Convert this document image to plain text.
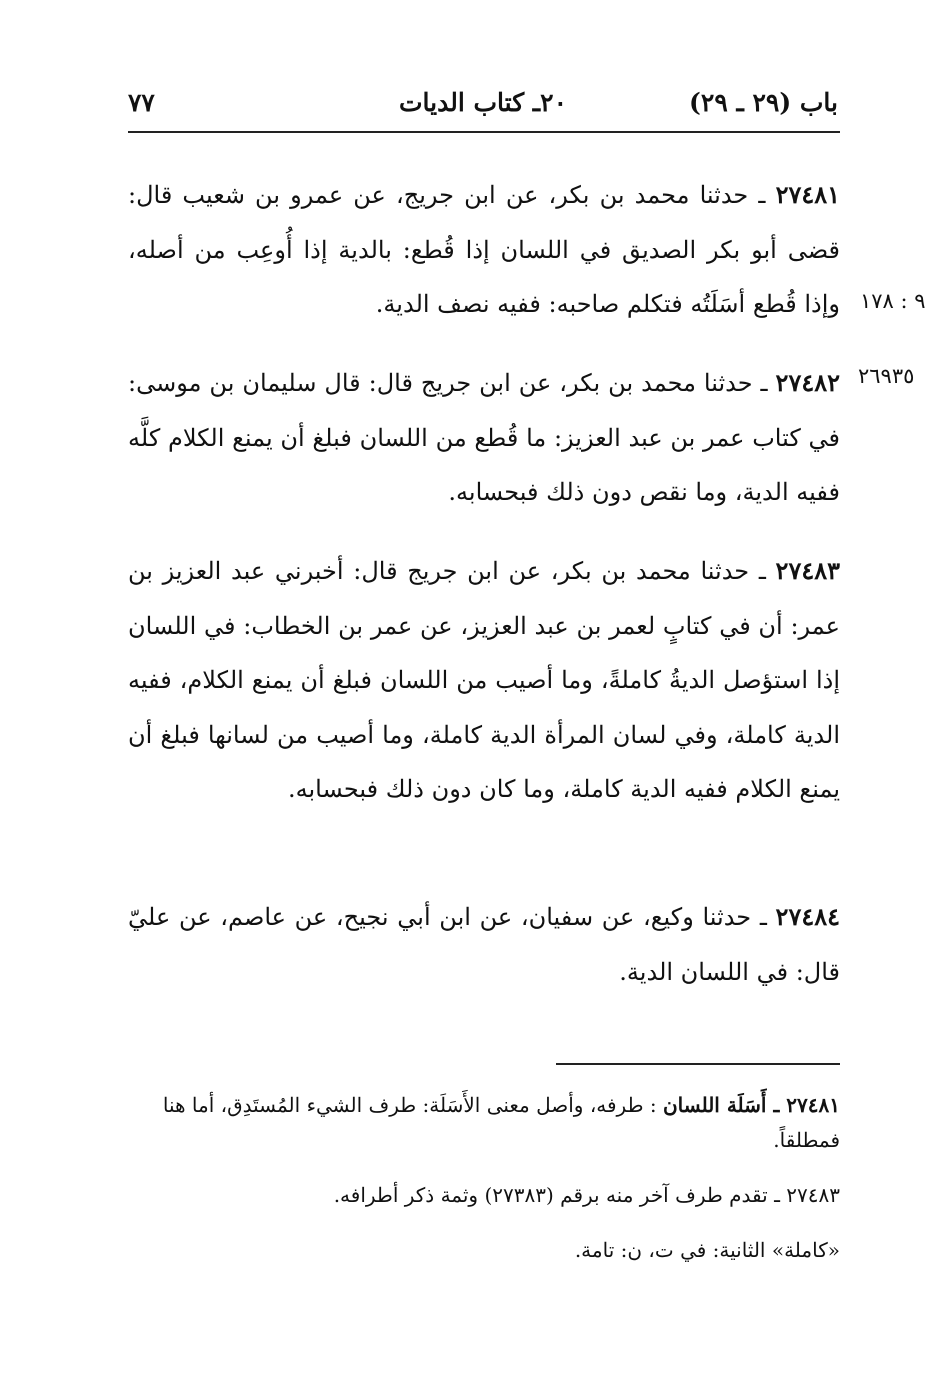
باب (٢٩ ـ ٢٩)
٢٠ـ كتاب الديات
٧٧
٩ : ١٧٨
٢٦٩٣٥

٢٧٤٨١ ـ حدثنا محمد بن بكر، عن ابن جريج، عن عمرو بن شعيب قال: قضى أبو بكر الصديق في اللسان إذا قُطع: بالدية إذا أُوعِب من أصله، وإذا قُطع أسَلَتُه فتكلم صاحبه: ففيه نصف الدية.

٢٧٤٨٢ ـ حدثنا محمد بن بكر، عن ابن جريج قال: قال سليمان بن موسى: في كتاب عمر بن عبد العزيز: ما قُطع من اللسان فبلغ أن يمنع الكلام كلَّه ففيه الدية، وما نقص دون ذلك فبحسابه.

٢٧٤٨٣ ـ حدثنا محمد بن بكر، عن ابن جريج قال: أخبرني عبد العزيز بن عمر: أن في كتابٍ لعمر بن عبد العزيز، عن عمر بن الخطاب: في اللسان إذا استؤصل الديةُ كاملةً، وما أصيب من اللسان فبلغ أن يمنع الكلام، ففيه الدية كاملة، وفي لسان المرأة الدية كاملة، وما أصيب من لسانها فبلغ أن يمنع الكلام ففيه الدية كاملة، وما كان دون ذلك فبحسابه.

٢٧٤٨٤ ـ حدثنا وكيع، عن سفيان، عن ابن أبي نجيح، عن عاصم، عن عليّ قال: في اللسان الدية.

٢٧٤٨١ ـ أَسَلَة اللسان : طرفه، وأصل معنى الأَسَلَة: طرف الشيء المُستَدِق، أما هنا فمطلقاً.

٢٧٤٨٣ ـ تقدم طرف آخر منه برقم (٢٧٣٨٣) وثمة ذكر أطرافه.

«كاملة» الثانية: في ت، ن: تامة.
